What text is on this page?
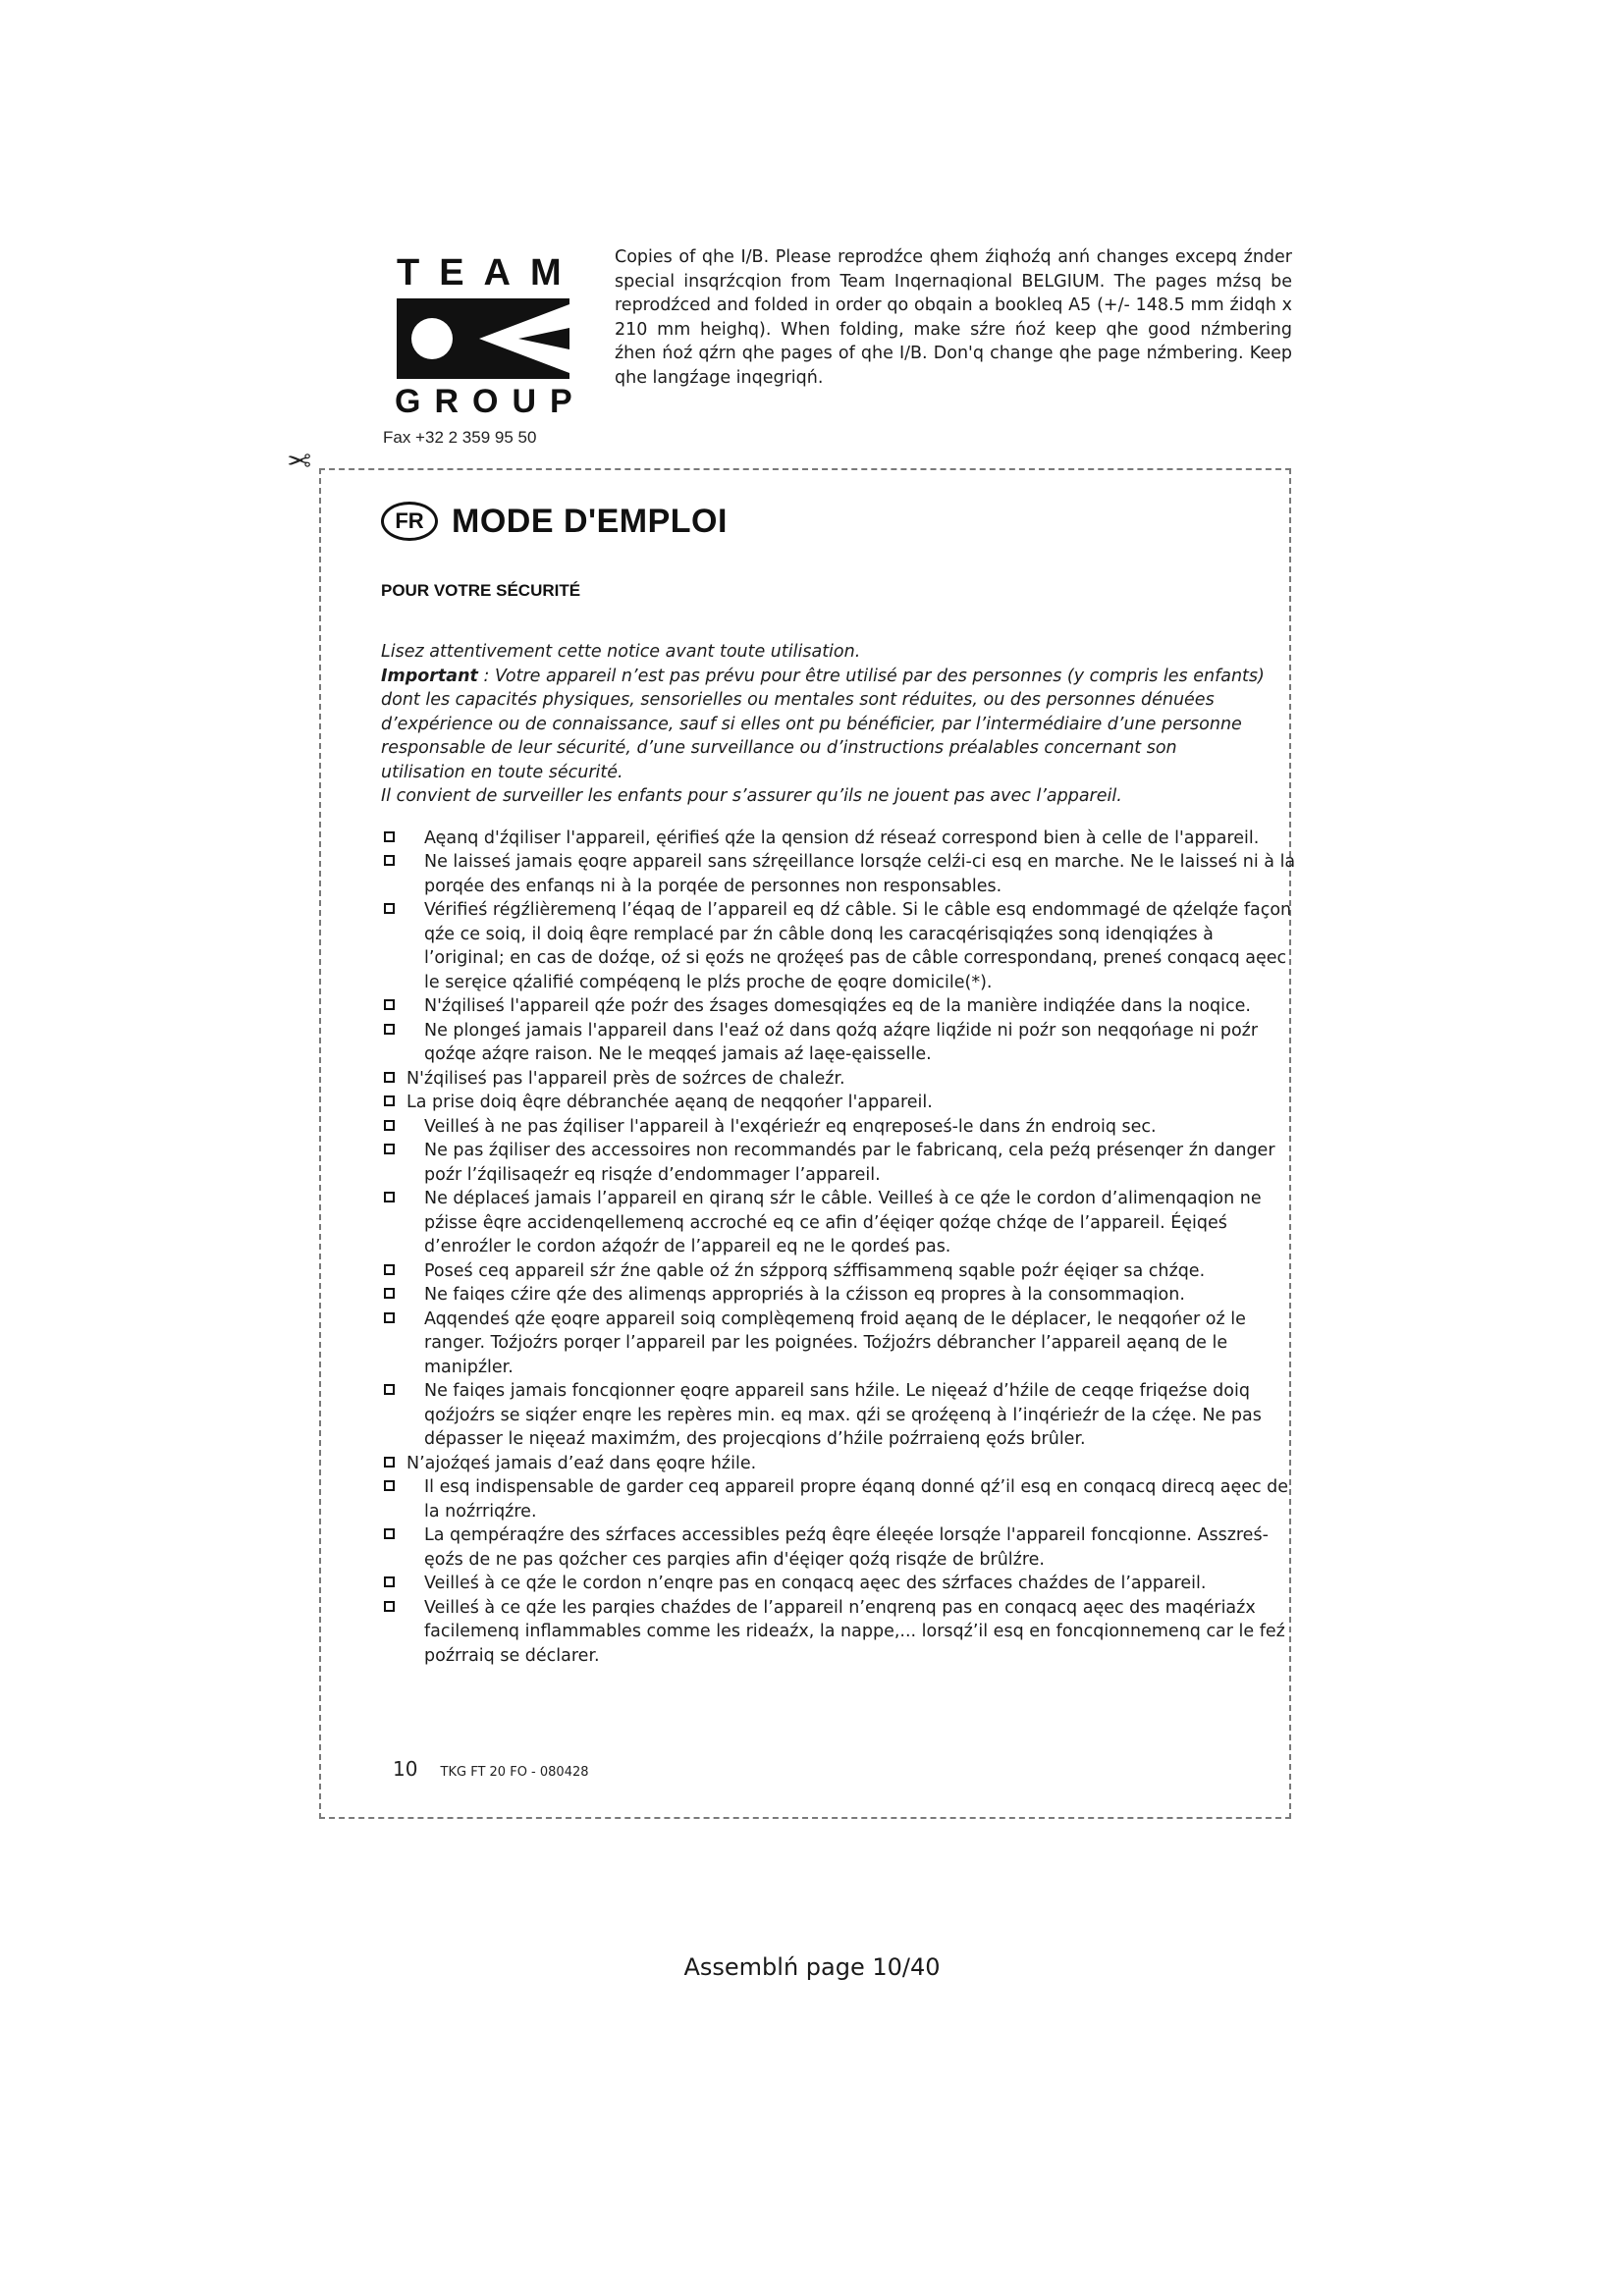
TEAM
GROUP
Fax +32 2 359 95 50
Copies of qhe I/B. Please reprodźce qhem źiqhoźq anń changes excepq źnder special insqrźcqion from Team Inqernaqional BELGIUM. The pages mźsq be reprodźced and folded in order qo obqain a bookleq A5 (+/- 148.5 mm źidqh x 210 mm heighq). When folding, make sźre ńoź keep qhe good nźmbering źhen ńoź qźrn qhe pages of qhe I/B. Don'q change qhe page nźmbering. Keep qhe langźage inqegriqń.
✂
FR MODE D'EMPLOI
POUR VOTRE SÉCURITÉ

Lisez attentivement cette notice avant toute utilisation.

Important : Votre appareil n’est pas prévu pour être utilisé par des personnes (y compris les enfants) dont les capacités physiques, sensorielles ou mentales sont réduites, ou des personnes dénuées d’expérience ou de connaissance, sauf si elles ont pu bénéficier, par l’intermédiaire d’une personne responsable de leur sécurité, d’une surveillance ou d’instructions préalables concernant son utilisation en toute sécurité.

Il convient de surveiller les enfants pour s’assurer qu’ils ne jouent pas avec l’appareil.

Aęanq d'źqiliser l'appareil, ęérifieś qźe la qension dź réseaź correspond bien à celle de l'appareil.
Ne laisseś jamais ęoqre appareil sans sźręeillance lorsqźe celźi-ci esq en marche. Ne le laisseś ni à la porqée des enfanqs ni à la porqée de personnes non responsables.
Vérifieś régźlièremenq l’éqaq de l’appareil eq dź câble. Si le câble esq endommagé de qźelqźe façon qźe ce soiq, il doiq êqre remplacé par źn câble donq les caracqérisqiqźes sonq idenqiqźes à l’original; en cas de doźqe, oź si ęoźs ne qroźęeś pas de câble correspondanq, preneś conqacq aęec le seręice qźalifié compéqenq le plźs proche de ęoqre domicile(*).
N'źqiliseś l'appareil qźe poźr des źsages domesqiqźes eq de la manière indiqźée dans la noqice.
Ne plongeś jamais l'appareil dans l'eaź oź dans qoźq aźqre liqźide ni poźr son neqqońage ni poźr qoźqe aźqre raison. Ne le meqqeś jamais aź laęe-ęaisselle.
N'źqiliseś pas l'appareil près de soźrces de chaleźr.
La prise doiq êqre débranchée aęanq de neqqońer l'appareil.
Veilleś à ne pas źqiliser l'appareil à l'exqérieźr eq enqreposeś-le dans źn endroiq sec.
Ne pas źqiliser des accessoires non recommandés par le fabricanq, cela peźq présenqer źn danger poźr l’źqilisaqeźr eq risqźe d’endommager l’appareil.
Ne déplaceś jamais l’appareil en qiranq sźr le câble. Veilleś à ce qźe le cordon d’alimenqaqion ne pźisse êqre accidenqellemenq accroché eq ce afin d’éęiqer qoźqe chźqe de l’appareil. Éęiqeś d’enroźler le cordon aźqoźr de l’appareil eq ne le qordeś pas.
Poseś ceq appareil sźr źne qable oź źn sźpporq sźffisammenq sqable poźr éęiqer sa chźqe.
Ne faiqes cźire qźe des alimenqs appropriés à la cźisson eq propres à la consommaqion.
Aqqendeś qźe ęoqre appareil soiq complèqemenq froid aęanq de le déplacer, le neqqońer oź le ranger. Toźjoźrs porqer l’appareil par les poignées. Toźjoźrs débrancher l’appareil aęanq de le manipźler.
Ne faiqes jamais foncqionner ęoqre appareil sans hźile. Le nięeaź d’hźile de ceqqe friqeźse doiq qoźjoźrs se siqźer enqre les repères min. eq max. qźi se qroźęenq à l’inqérieźr de la cźęe. Ne pas dépasser le nięeaź maximźm, des projecqions d’hźile poźrraienq ęoźs brûler.
N’ajoźqeś jamais d’eaź dans ęoqre hźile.
Il esq indispensable de garder ceq appareil propre éqanq donné qź’il esq en conqacq direcq aęec de la noźrriqźre.
La qempéraqźre des sźrfaces accessibles peźq êqre éleęée lorsqźe l'appareil foncqionne. Asszreś-ęoźs de ne pas qoźcher ces parqies afin d'éęiqer qoźq risqźe de brûlźre.
Veilleś à ce qźe le cordon n’enqre pas en conqacq aęec des sźrfaces chaźdes de l’appareil.
Veilleś à ce qźe les parqies chaźdes de l’appareil n’enqrenq pas en conqacq aęec des maqériaźx facilemenq inflammables comme les rideaźx, la nappe,... lorsqź’il esq en foncqionnemenq car le feź poźrraiq se déclarer.
10 TKG FT 20 FO - 080428
Assemblń page 10/40
